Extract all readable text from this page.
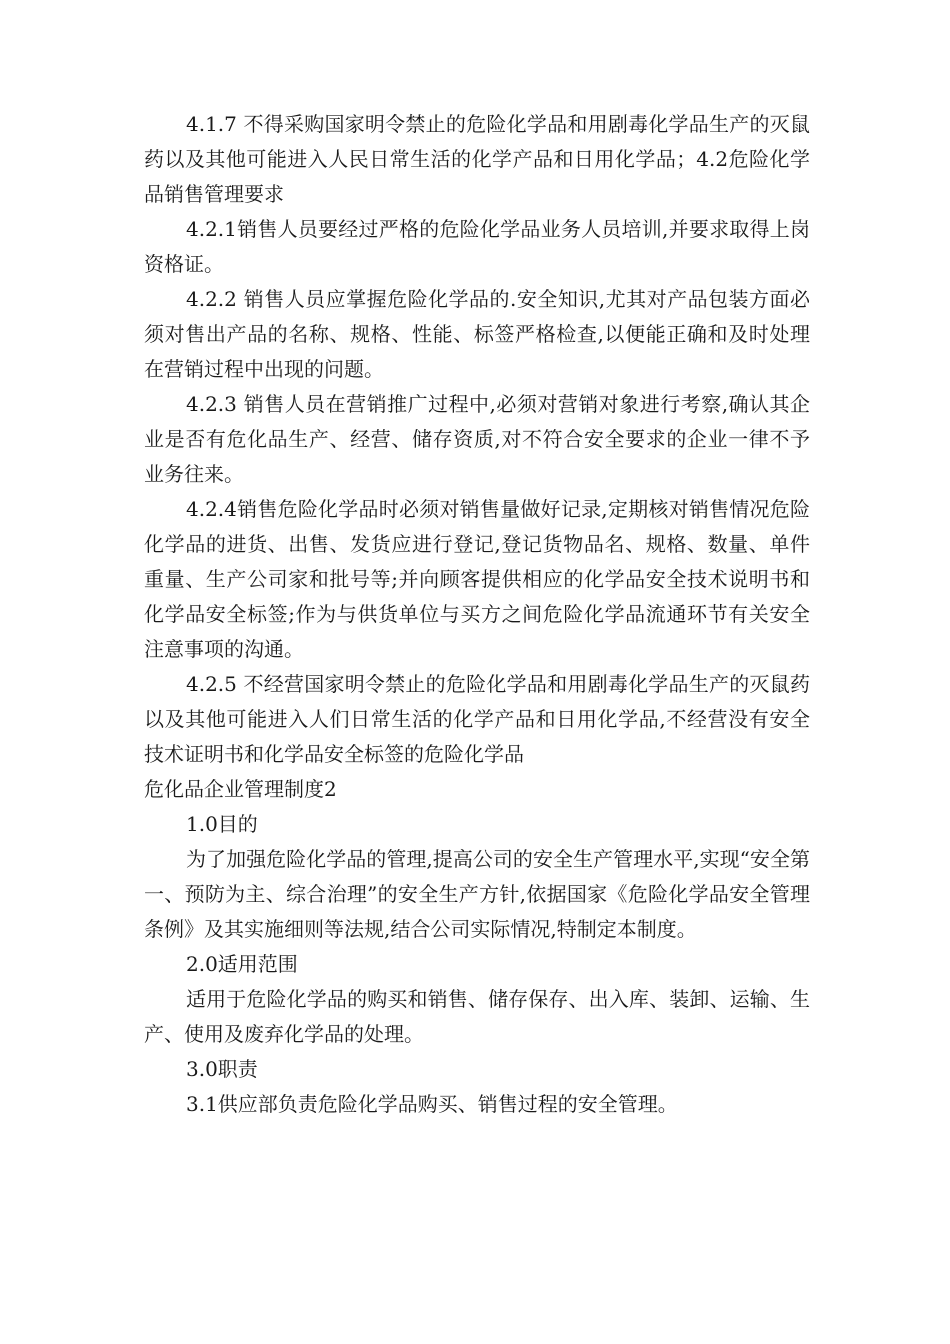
4.1.7 不得采购国家明令禁止的危险化学品和用剧毒化学品生产的灭鼠药以及其他可能进入人民日常生活的化学产品和日用化学品；4.2危险化学品销售管理要求

4.2.1销售人员要经过严格的危险化学品业务人员培训,并要求取得上岗资格证。

4.2.2 销售人员应掌握危险化学品的.安全知识,尤其对产品包装方面必须对售出产品的名称、规格、性能、标签严格检查,以便能正确和及时处理在营销过程中出现的问题。

4.2.3 销售人员在营销推广过程中,必须对营销对象进行考察,确认其企业是否有危化品生产、经营、储存资质,对不符合安全要求的企业一律不予业务往来。

4.2.4销售危险化学品时必须对销售量做好记录,定期核对销售情况危险化学品的进货、出售、发货应进行登记,登记货物品名、规格、数量、单件重量、生产公司家和批号等;并向顾客提供相应的化学品安全技术说明书和化学品安全标签;作为与供货单位与买方之间危险化学品流通环节有关安全注意事项的沟通。

4.2.5 不经营国家明令禁止的危险化学品和用剧毒化学品生产的灭鼠药以及其他可能进入人们日常生活的化学产品和日用化学品,不经营没有安全技术证明书和化学品安全标签的危险化学品

危化品企业管理制度2

1.0目的

为了加强危险化学品的管理,提高公司的安全生产管理水平,实现“安全第一、预防为主、综合治理”的安全生产方针,依据国家《危险化学品安全管理条例》及其实施细则等法规,结合公司实际情况,特制定本制度。

2.0适用范围

适用于危险化学品的购买和销售、储存保存、出入库、装卸、运输、生产、使用及废弃化学品的处理。

3.0职责

3.1供应部负责危险化学品购买、销售过程的安全管理。
